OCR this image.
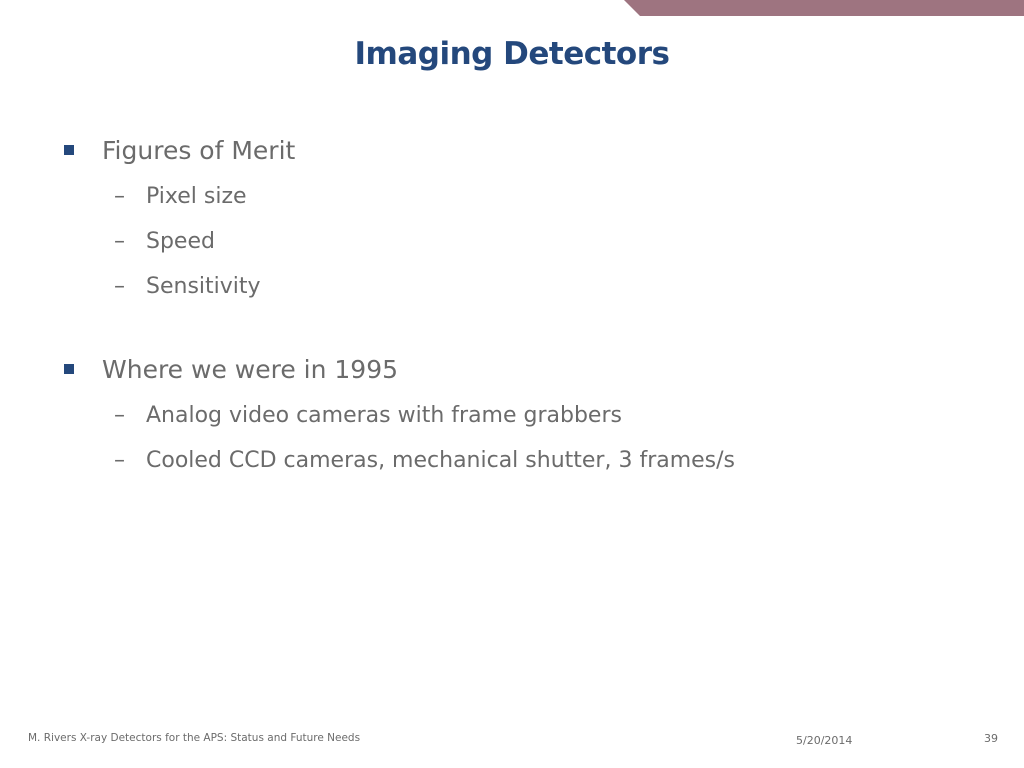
Imaging Detectors
Figures of Merit
– Pixel size
– Speed
– Sensitivity
Where we were in 1995
– Analog video cameras with frame grabbers
– Cooled CCD cameras, mechanical shutter, 3 frames/s
M. Rivers X-ray Detectors for the APS: Status and Future Needs	5/20/2014	39
